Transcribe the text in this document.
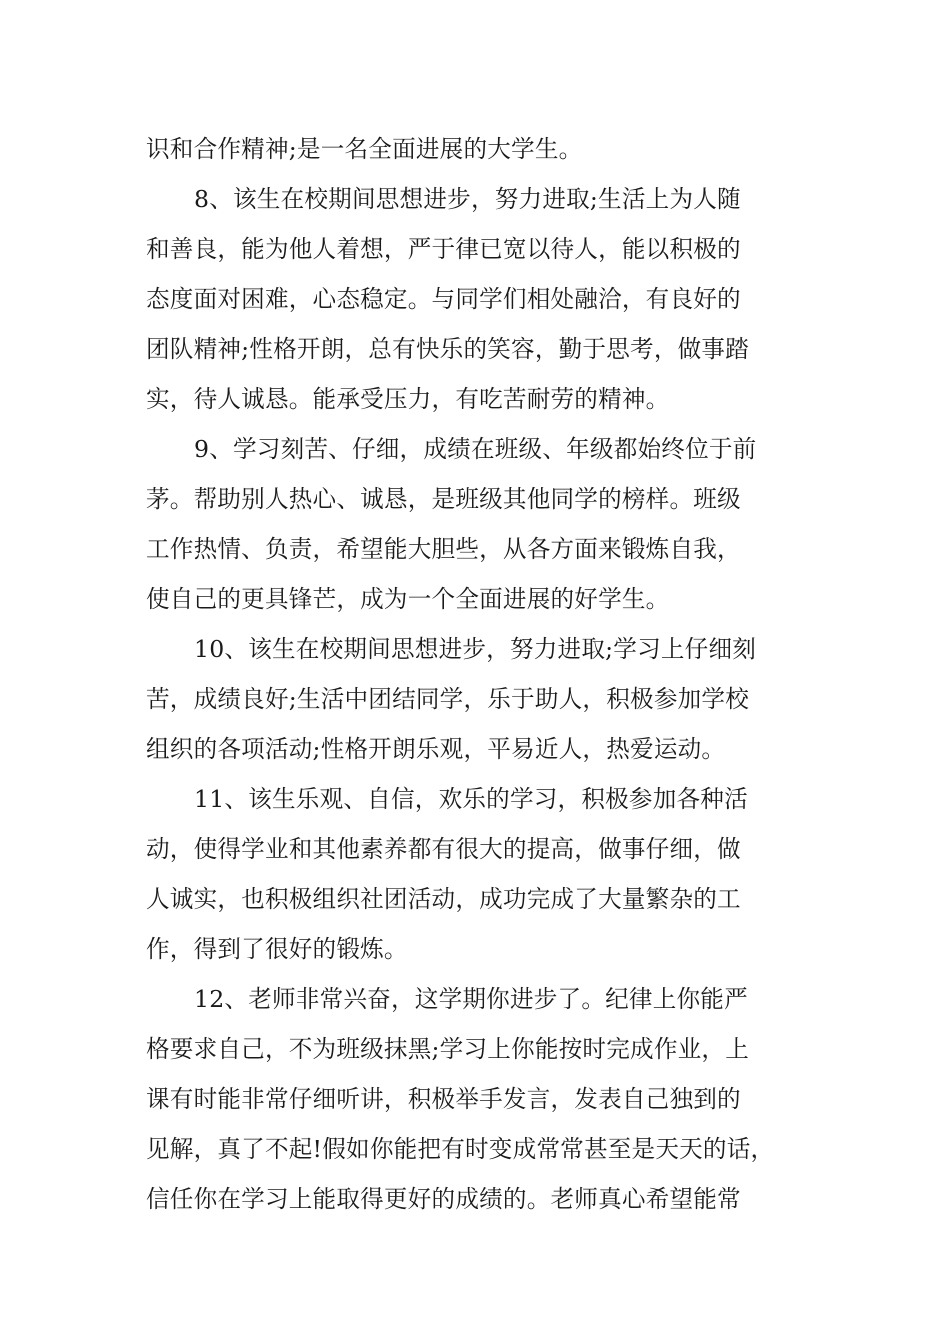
识和合作精神;是一名全面进展的大学生。
8、该生在校期间思想进步，努力进取;生活上为人随
和善良，能为他人着想，严于律已宽以待人，能以积极的
态度面对困难，心态稳定。与同学们相处融洽，有良好的
团队精神;性格开朗，总有快乐的笑容，勤于思考，做事踏
实，待人诚恳。能承受压力，有吃苦耐劳的精神。
9、学习刻苦、仔细，成绩在班级、年级都始终位于前
茅。帮助别人热心、诚恳，是班级其他同学的榜样。班级
工作热情、负责，希望能大胆些，从各方面来锻炼自我，
使自己的更具锋芒，成为一个全面进展的好学生。
10、该生在校期间思想进步，努力进取;学习上仔细刻
苦，成绩良好;生活中团结同学，乐于助人，积极参加学校
组织的各项活动;性格开朗乐观，平易近人，热爱运动。
11、该生乐观、自信，欢乐的学习，积极参加各种活
动，使得学业和其他素养都有很大的提高，做事仔细，做
人诚实，也积极组织社团活动，成功完成了大量繁杂的工
作，得到了很好的锻炼。
12、老师非常兴奋，这学期你进步了。纪律上你能严
格要求自己，不为班级抹黑;学习上你能按时完成作业，上
课有时能非常仔细听讲，积极举手发言，发表自己独到的
见解，真了不起!假如你能把有时变成常常甚至是天天的话，
信任你在学习上能取得更好的成绩的。老师真心希望能常
